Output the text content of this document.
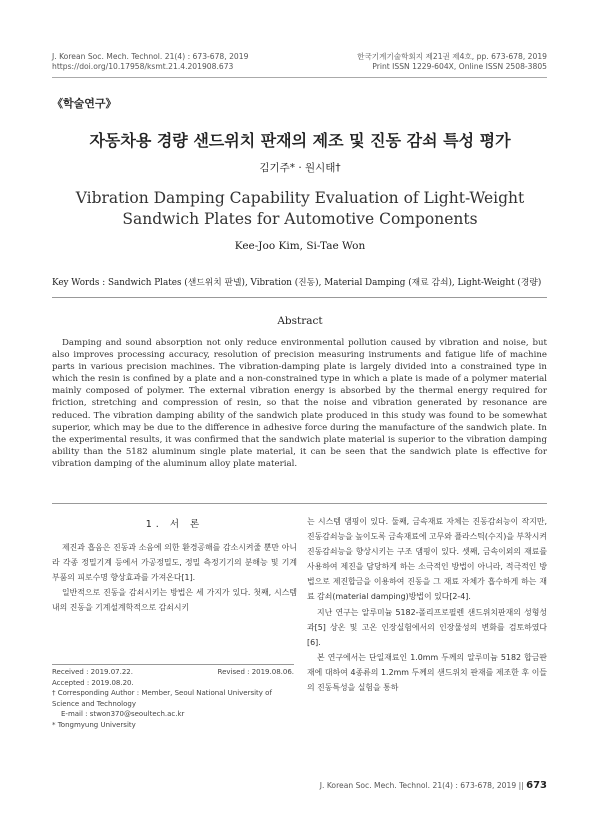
J. Korean Soc. Mech. Technol. 21(4) : 673-678, 2019
https://doi.org/10.17958/ksmt.21.4.201908.673
한국기계기술학회지 제21권 제4호, pp. 673-678, 2019
Print ISSN 1229-604X, Online ISSN 2508-3805
《학술연구》
자동차용 경량 샌드위치 판재의 제조 및 진동 감쇠 특성 평가
김기주* · 원시태†
Vibration Damping Capability Evaluation of Light-Weight
Sandwich Plates for Automotive Components
Kee-Joo Kim, Si-Tae Won
Key Words : Sandwich Plates (샌드위치 판넬), Vibration (진동), Material Damping (재료 감쇠), Light-Weight (경량)
Abstract
Damping and sound absorption not only reduce environmental pollution caused by vibration and noise, but also improves processing accuracy, resolution of precision measuring instruments and fatigue life of machine parts in various precision machines. The vibration-damping plate is largely divided into a constrained type in which the resin is confined by a plate and a non-constrained type in which a plate is made of a polymer material mainly composed of polymer. The external vibration energy is absorbed by the thermal energy required for friction, stretching and compression of resin, so that the noise and vibration generated by resonance are reduced. The vibration damping ability of the sandwich plate produced in this study was found to be somewhat superior, which may be due to the difference in adhesive force during the manufacture of the sandwich plate. In the experimental results, it was confirmed that the sandwich plate material is superior to the vibration damping ability than the 5182 aluminum single plate material, it can be seen that the sandwich plate is effective for vibration damping of the aluminum alloy plate material.
1. 서 론

제진과 흡음은 진동과 소음에 의한 환경공해를 감소시켜줄 뿐만 아니라 각종 정밀기계 등에서 가공정밀도, 정밀 측정기기의 분해능 및 기계부품의 피로수명 향상효과를 가져온다[1].

일반적으로 진동을 감쇠시키는 방법은 세 가지가 있다. 첫째, 시스템내의 진동을 기계설계학적으로 감쇠시키

는 시스템 댐핑이 있다. 둘째, 금속재료 자체는 진동감쇠능이 작지만, 진동감쇠능을 높이도록 금속재료에 고무와 플라스틱(수지)을 부착시켜 진동감쇠능을 향상시키는 구조 댐핑이 있다. 셋째, 금속이외의 재료를 사용하여 제진을 담당하게 하는 소극적인 방법이 아니라, 적극적인 방법으로 제진합금을 이용하여 진동을 그 재료 자체가 흡수하게 하는 재료 감쇠(material damping)방법이 있다[2-4].

지난 연구는 알루미늄 5182-폴리프로필렌 샌드위치판재의 성형성과[5] 상온 및 고온 인장실험에서의 인장물성의 변화를 검토하였다[6].

본 연구에서는 단일재료인 1.0mm 두께의 알루미늄 5182 합금판재에 대하여 4종류의 1.2mm 두께의 샌드위치 판재를 제조한 후 이들의 진동특성을 실험을 통하

Received : 2019.07.22.	Revised : 2019.08.06.
Accepted : 2019.08.20.
† Corresponding Author : Member, Seoul National University of Science and Technology
E-mail : stwon370@seoultech.ac.kr
* Tongmyung University
J. Korean Soc. Mech. Technol. 21(4) : 673-678, 2019 || 673
